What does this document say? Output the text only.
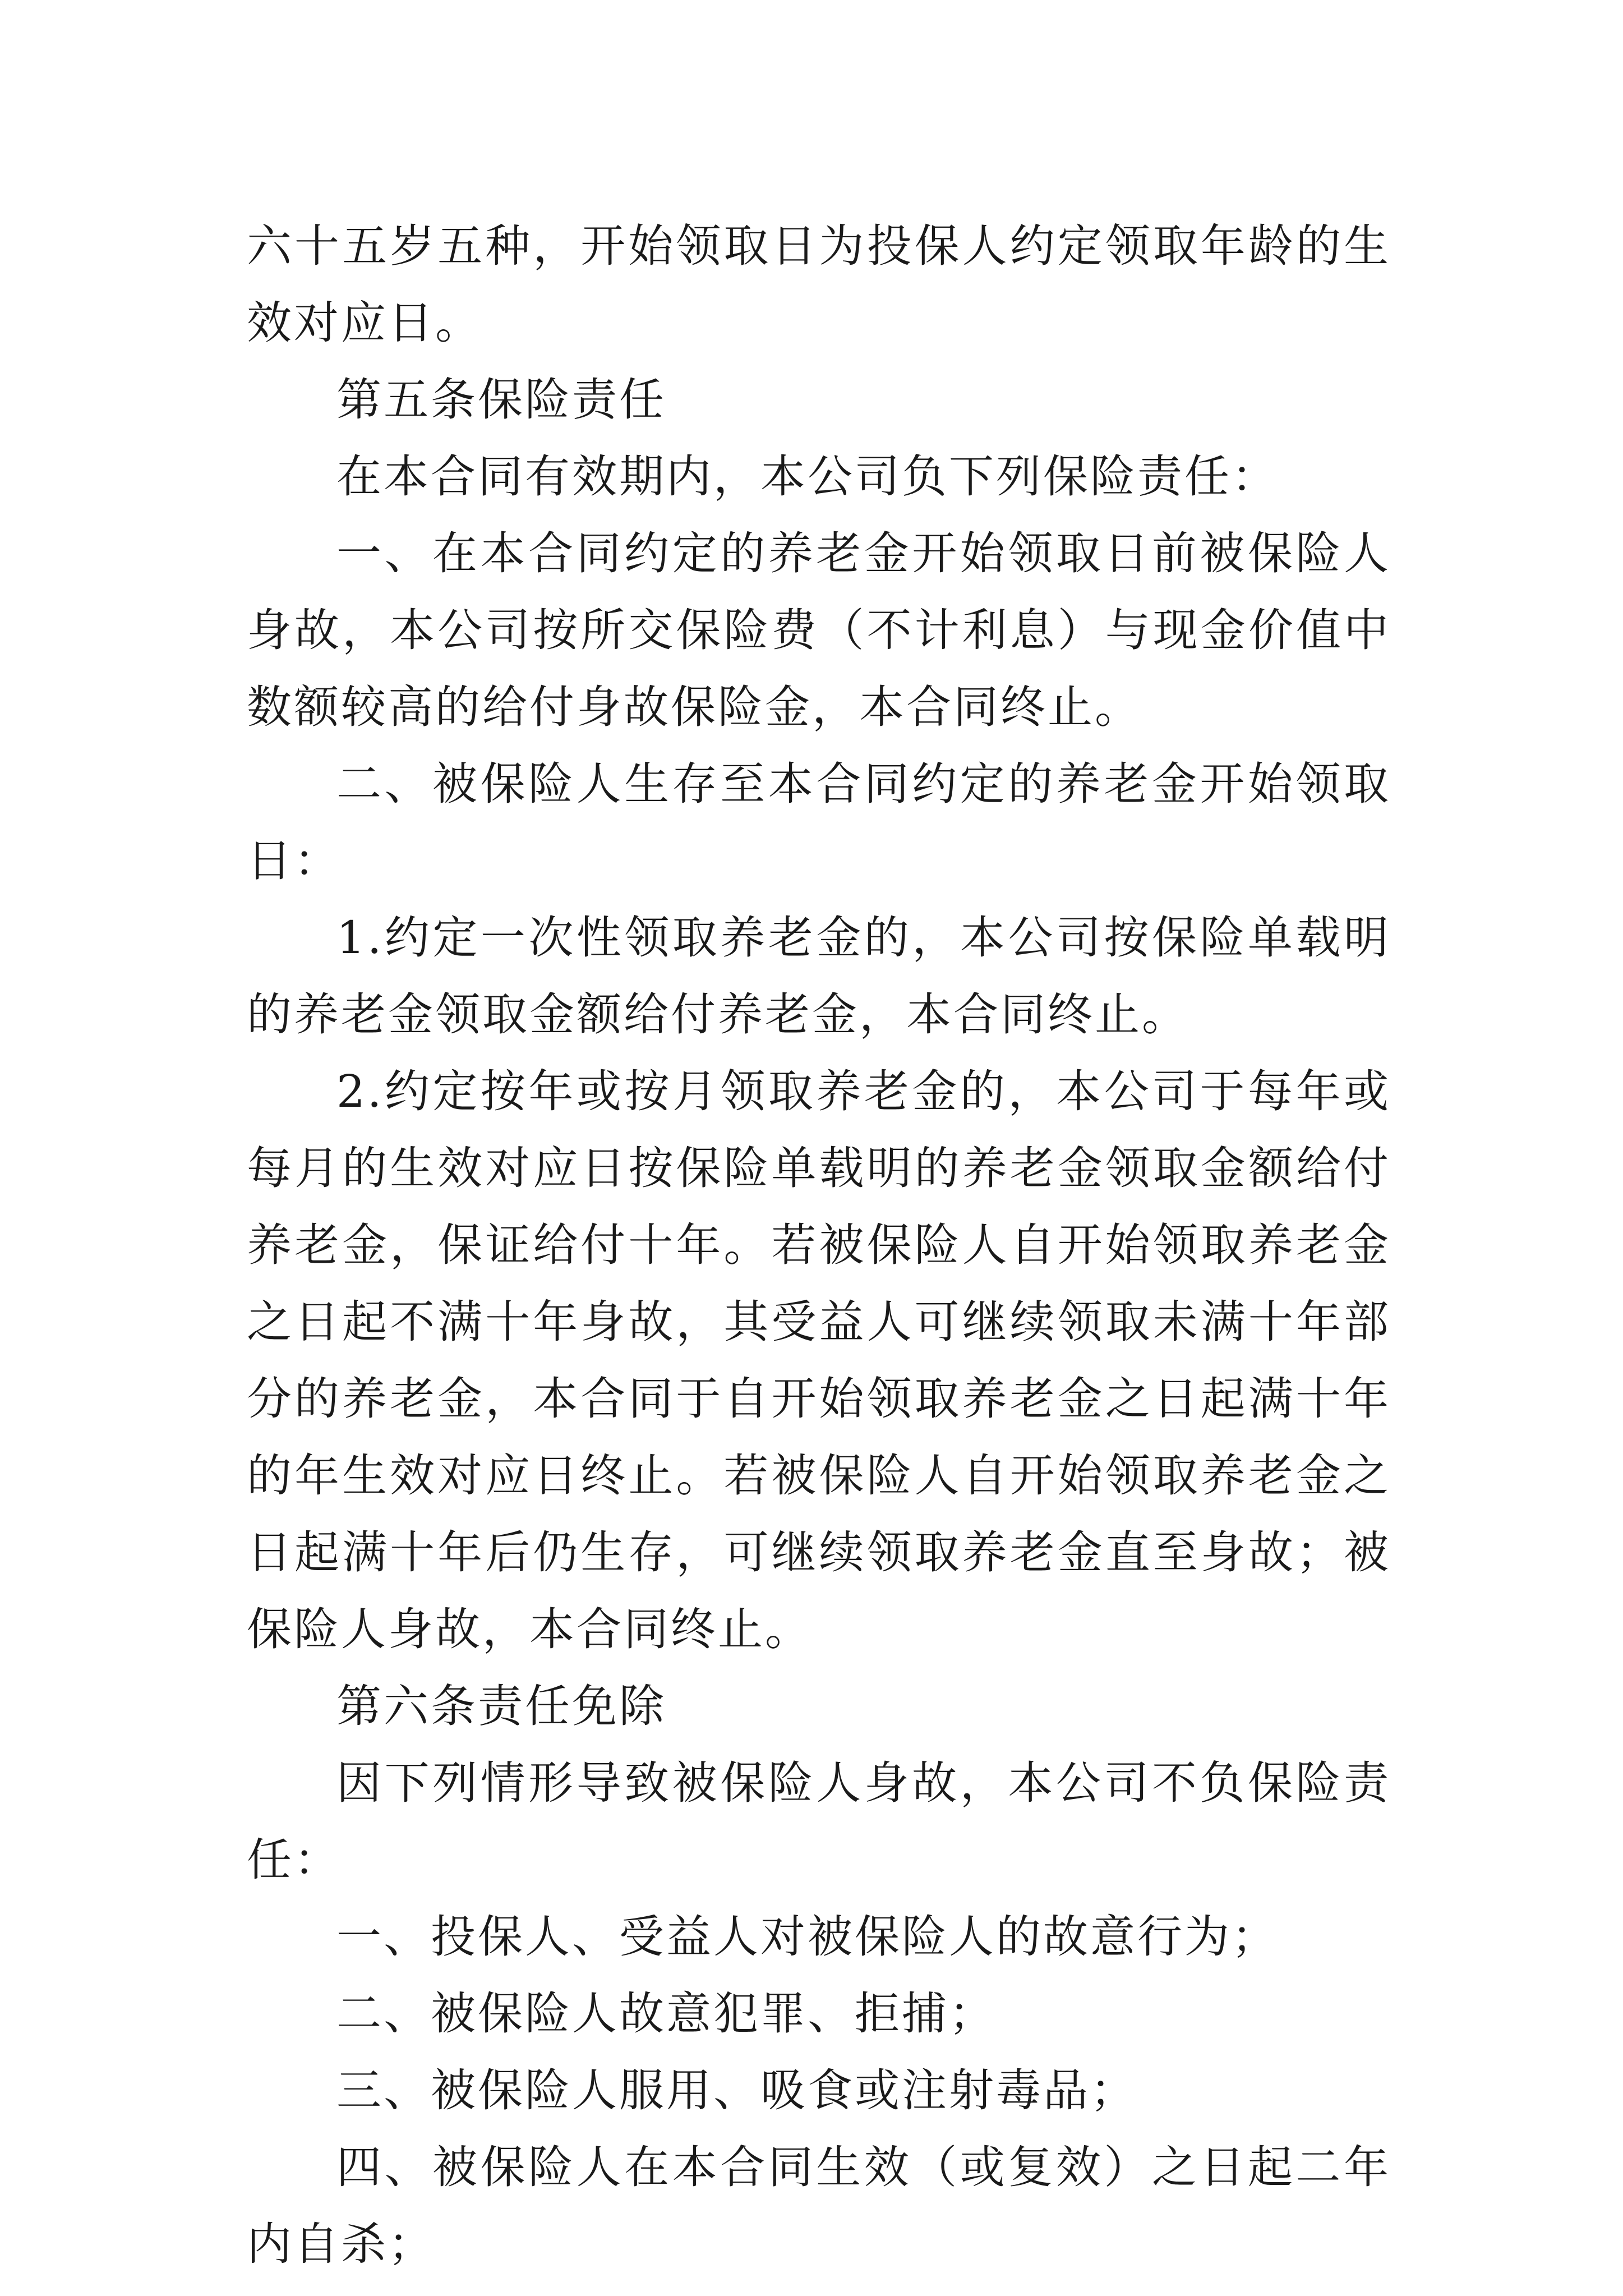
六十五岁五种，开始领取日为投保人约定领取年龄的生效对应日。

第五条保险责任

在本合同有效期内，本公司负下列保险责任：

一、在本合同约定的养老金开始领取日前被保险人身故，本公司按所交保险费（不计利息）与现金价值中数额较高的给付身故保险金，本合同终止。

二、被保险人生存至本合同约定的养老金开始领取日：

1.约定一次性领取养老金的，本公司按保险单载明的养老金领取金额给付养老金，本合同终止。

2.约定按年或按月领取养老金的，本公司于每年或每月的生效对应日按保险单载明的养老金领取金额给付养老金，保证给付十年。若被保险人自开始领取养老金之日起不满十年身故，其受益人可继续领取未满十年部分的养老金，本合同于自开始领取养老金之日起满十年的年生效对应日终止。若被保险人自开始领取养老金之日起满十年后仍生存，可继续领取养老金直至身故；被保险人身故，本合同终止。

第六条责任免除

因下列情形导致被保险人身故，本公司不负保险责任：

一、投保人、受益人对被保险人的故意行为；

二、被保险人故意犯罪、拒捕；

三、被保险人服用、吸食或注射毒品；

四、被保险人在本合同生效（或复效）之日起二年内自杀；
